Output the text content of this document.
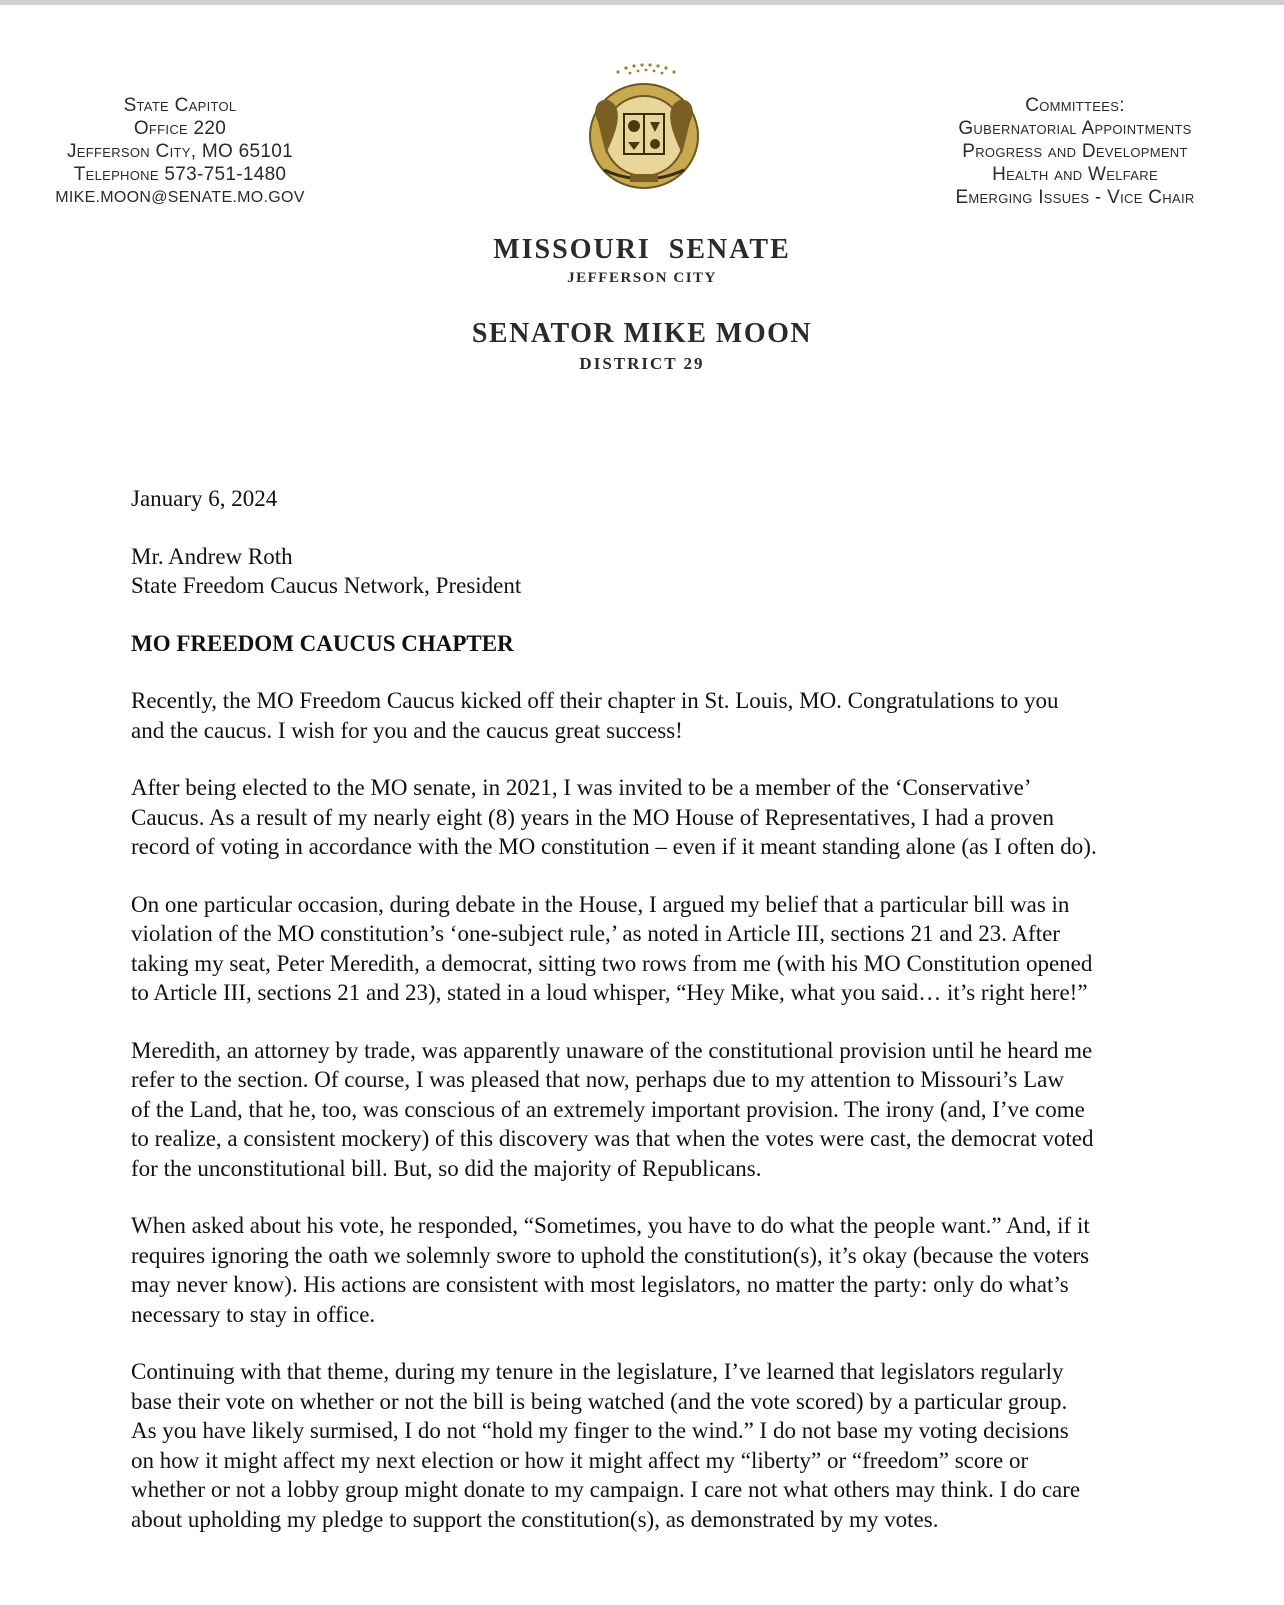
State Capitol
Office 220
Jefferson City, MO 65101
Telephone 573-751-1480
MIKE.MOON@SENATE.MO.GOV
Committees:
Gubernatorial Appointments
Progress and Development
Health and Welfare
Emerging Issues - Vice Chair
MISSOURI  SENATE
JEFFERSON CITY
SENATOR MIKE MOON
DISTRICT 29

January 6, 2024

Mr. Andrew Roth
State Freedom Caucus Network, President

MO FREEDOM CAUCUS CHAPTER

Recently, the MO Freedom Caucus kicked off their chapter in St. Louis, MO. Congratulations to you
and the caucus. I wish for you and the caucus great success!
After being elected to the MO senate, in 2021, I was invited to be a member of the ‘Conservative’
Caucus. As a result of my nearly eight (8) years in the MO House of Representatives, I had a proven
record of voting in accordance with the MO constitution – even if it meant standing alone (as I often do).
On one particular occasion, during debate in the House, I argued my belief that a particular bill was in
violation of the MO constitution’s ‘one-subject rule,’ as noted in Article III, sections 21 and 23. After
taking my seat, Peter Meredith, a democrat, sitting two rows from me (with his MO Constitution opened
to Article III, sections 21 and 23), stated in a loud whisper, “Hey Mike, what you said… it’s right here!”
Meredith, an attorney by trade, was apparently unaware of the constitutional provision until he heard me
refer to the section. Of course, I was pleased that now, perhaps due to my attention to Missouri’s Law
of the Land, that he, too, was conscious of an extremely important provision. The irony (and, I’ve come
to realize, a consistent mockery) of this discovery was that when the votes were cast, the democrat voted
for the unconstitutional bill. But, so did the majority of Republicans.
When asked about his vote, he responded, “Sometimes, you have to do what the people want.” And, if it
requires ignoring the oath we solemnly swore to uphold the constitution(s), it’s okay (because the voters
may never know). His actions are consistent with most legislators, no matter the party: only do what’s
necessary to stay in office.
Continuing with that theme, during my tenure in the legislature, I’ve learned that legislators regularly
base their vote on whether or not the bill is being watched (and the vote scored) by a particular group.
As you have likely surmised, I do not “hold my finger to the wind.” I do not base my voting decisions
on how it might affect my next election or how it might affect my “liberty” or “freedom” score or
whether or not a lobby group might donate to my campaign. I care not what others may think. I do care
about upholding my pledge to support the constitution(s), as demonstrated by my votes.
